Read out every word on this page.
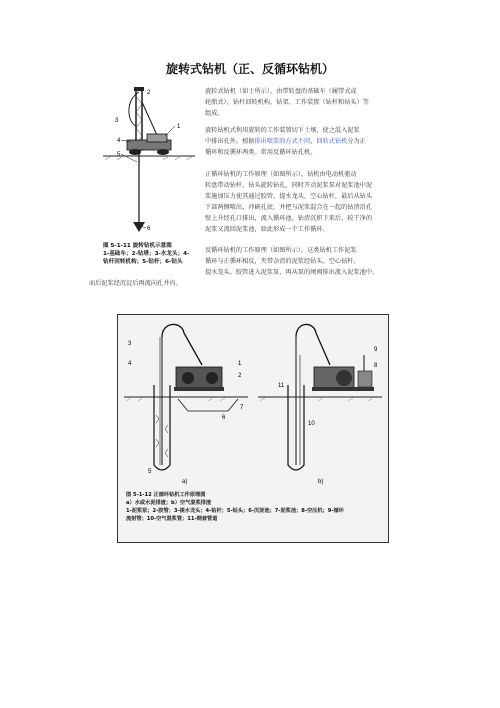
旋转式钻机（正、反循环钻机）
2
3
1
4
5
6
图 5-1-11 旋转钻机示意图
1-基础车；2-钻塔；3-水龙头；4-
钻杆回转机构；5-钻杆；6-钻头
旋转式钻机（如士所示），由带转盘的基础车（履带式或
轮胎式）、钻杆回转机构、钻架、工作装置（钻杆和钻头）等
组成。
旋转钻机式利用旋转的工作装置切下土壤，使之混入泥浆
中排出孔外。根据排出喷浆的方式不同，回转式钻机分为正
循环和反循环两类。常用反循环钻孔机。
正循环钻机的工作原理（如图所示）。钻机由电动机驱动
转盘带动钻杆、钻头旋转钻孔，同时开动泥浆泵对泥浆池中泥
浆施加压力使其通过胶管，提水龙头，空心钻杆，最后从钻头
下部两侧喷出，冲刷孔底，并把与泥浆混合在一起的钻渣沿孔
壁上升经孔口排出，流入循环池。钻渣沉积下来后，较干净的
泥浆又流回泥浆池，如此形成一个工作循环。
反循环钻机的工作原理（如图所示），这类钻机工作泥浆
循环与正循环相反，夹带杂渣的泥浆经钻头、空心钻杆、
提水笼头、胶管进入泥浆泵，再从泵的闸阀排出流入泥浆池中，
而后泥浆经沉淀后再流向孔井内。
3
4	1
2
6
7
5
9
8
11
10
a)	b)
图 5-1-12 正循环钻机工作原理图
a）水或水泥排渣；b）空气混浆排渣
1-泥浆泵；2-胶管；3-提水龙头；4-钻杆；5-钻头；6-沉淀池；7-泥浆池；8-空压机；9-循环
流射管；10-空气混浆管；11-钢套管道
